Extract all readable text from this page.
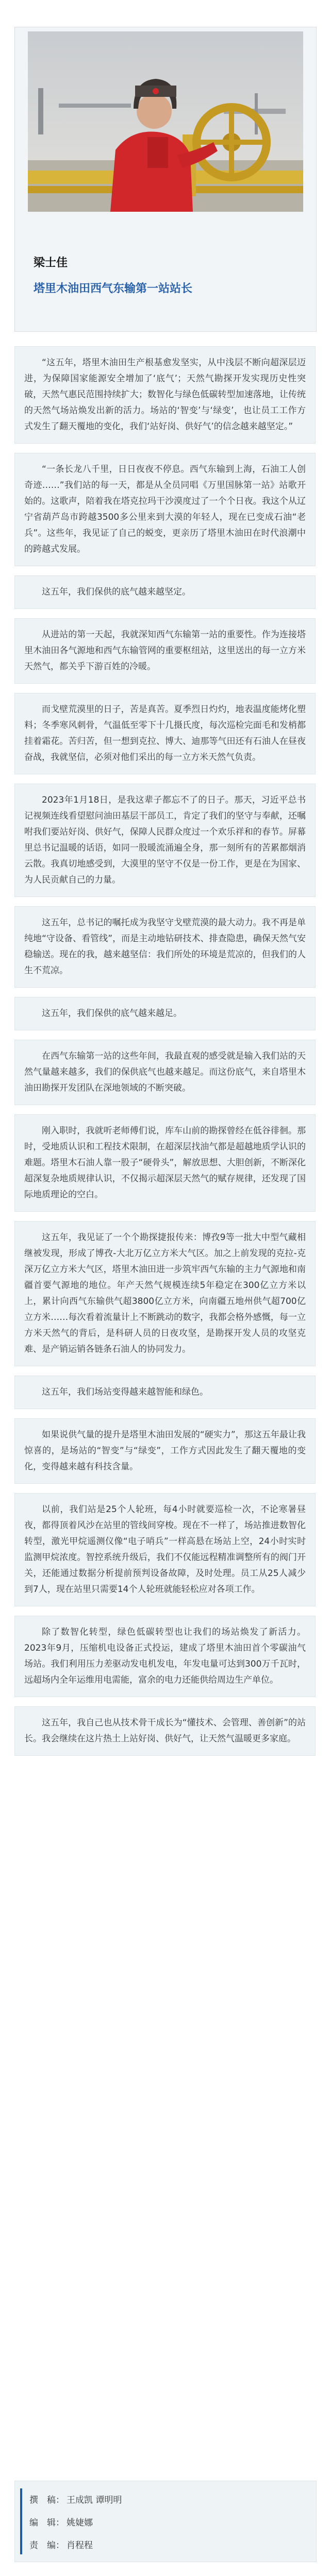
梁士佳
塔里木油田西气东输第一站站长
“这五年，塔里木油田生产根基愈发坚实，从中浅层不断向超深层迈进，为保障国家能源安全增加了‘底气’；天然气勘探开发实现历史性突破，天然气惠民范围持续扩大；数智化与绿色低碳转型加速落地，让传统的天然气场站焕发出新的活力。场站的‘智变’与‘绿变’，也让员工工作方式发生了翻天覆地的变化，我们‘站好岗、供好气’的信念越来越坚定。”
“一条长龙八千里，日日夜夜不停息。西气东输到上海，石油工人创奇迹……”我们站的每一天，都是从全员同唱《万里国脉第一站》站歌开始的。这歌声，陪着我在塔克拉玛干沙漠度过了一个个日夜。我这个从辽宁省葫芦岛市跨越3500多公里来到大漠的年轻人，现在已变成石油“老兵”。这些年，我见证了自己的蜕变，更亲历了塔里木油田在时代浪潮中的跨越式发展。
这五年，我们保供的底气越来越坚定。
从进站的第一天起，我就深知西气东输第一站的重要性。作为连接塔里木油田各气源地和西气东输管网的重要枢纽站，这里送出的每一立方米天然气，都关乎下游百姓的冷暖。
而戈壁荒漠里的日子，苦是真苦。夏季烈日灼灼，地表温度能烤化塑料；冬季寒风刺骨，气温低至零下十几摄氏度，每次巡检完面毛和发梢都挂着霜花。苦归苦，但一想到克拉、博大、迪那等气田还有石油人在昼夜奋战，我就坚信，必须对他们采出的每一立方米天然气负责。
2023年1月18日，是我这辈子都忘不了的日子。那天，习近平总书记视频连线看望慰问油田基层干部员工，肯定了我们的坚守与奉献，还嘱咐我们要站好岗、供好气，保障人民群众度过一个欢乐祥和的春节。屏幕里总书记温暖的话语，如同一股暖流涌遍全身，那一刻所有的苦累都烟消云散。我真切地感受到，大漠里的坚守不仅是一份工作，更是在为国家、为人民贡献自己的力量。
这五年，总书记的嘱托成为我坚守戈壁荒漠的最大动力。我不再是单纯地“守设备、看管线”，而是主动地钻研技术、排查隐患，确保天然气安稳输送。现在的我，越来越坚信：我们所处的环境是荒凉的，但我们的人生不荒凉。
这五年，我们保供的底气越来越足。
在西气东输第一站的这些年间，我最直观的感受就是输入我们站的天然气量越来越多，我们的保供底气也越来越足。而这份底气，来自塔里木油田勘探开发团队在深地领域的不断突破。
刚入职时，我就听老师傅们说，库车山前的勘探曾经在低谷徘徊。那时，受地质认识和工程技术限制，在超深层找油气都是超越地质学认识的难题。塔里木石油人靠一股子“硬骨头”，解放思想、大胆创新，不断深化超深复杂地质规律认识，不仅揭示超深层天然气的赋存规律，还发现了国际地质理论的空白。
这五年，我见证了一个个勘探捷报传来：博孜9等一批大中型气藏相继被发现，形成了博孜-大北万亿立方米大气区。加之上前发现的克拉-克深万亿立方米大气区，塔里木油田进一步筑牢西气东输的主力气源地和南疆首要气源地的地位。年产天然气规模连续5年稳定在300亿立方米以上，累计向西气东输供气超3800亿立方米，向南疆五地州供气超700亿立方米……每次看着流量计上不断跳动的数字，我都会格外感慨，每一立方米天然气的背后，是科研人员的日夜攻坚，是勘探开发人员的攻坚克难、是产销运销各链条石油人的协同发力。
这五年，我们场站变得越来越智能和绿色。
如果说供气量的提升是塔里木油田发展的“硬实力”，那这五年最让我惊喜的，是场站的“智变”与“绿变”，工作方式因此发生了翻天覆地的变化，变得越来越有科技含量。
以前，我们站是25个人轮班，每4小时就要巡检一次，不论寒暑昼夜，都得顶着风沙在站里的管线间穿梭。现在不一样了，场站推进数智化转型，激光甲烷遥测仪像“电子哨兵”一样高悬在场站上空，24小时实时监测甲烷浓度。智控系统升级后，我们不仅能远程精准调整所有的阀门开关，还能通过数据分析提前预判设备故障，及时处理。员工从25人减少到7人，现在站里只需要14个人轮班就能轻松应对各项工作。
除了数智化转型，绿色低碳转型也让我们的场站焕发了新活力。2023年9月，压缩机电设备正式投运，建成了塔里木油田首个零碳油气场站。我们利用压力差驱动发电机发电，年发电量可达到300万千瓦时，远超场内全年运维用电需能，富余的电力还能供给周边生产单位。
这五年，我自己也从技术骨干成长为“懂技术、会管理、善创新”的站长。我会继续在这片热土上站好岗、供好气，让天然气温暖更多家庭。
撰　稿： 王成凯 谭明明
编　辑： 姚婕娜
责　编： 肖程程
